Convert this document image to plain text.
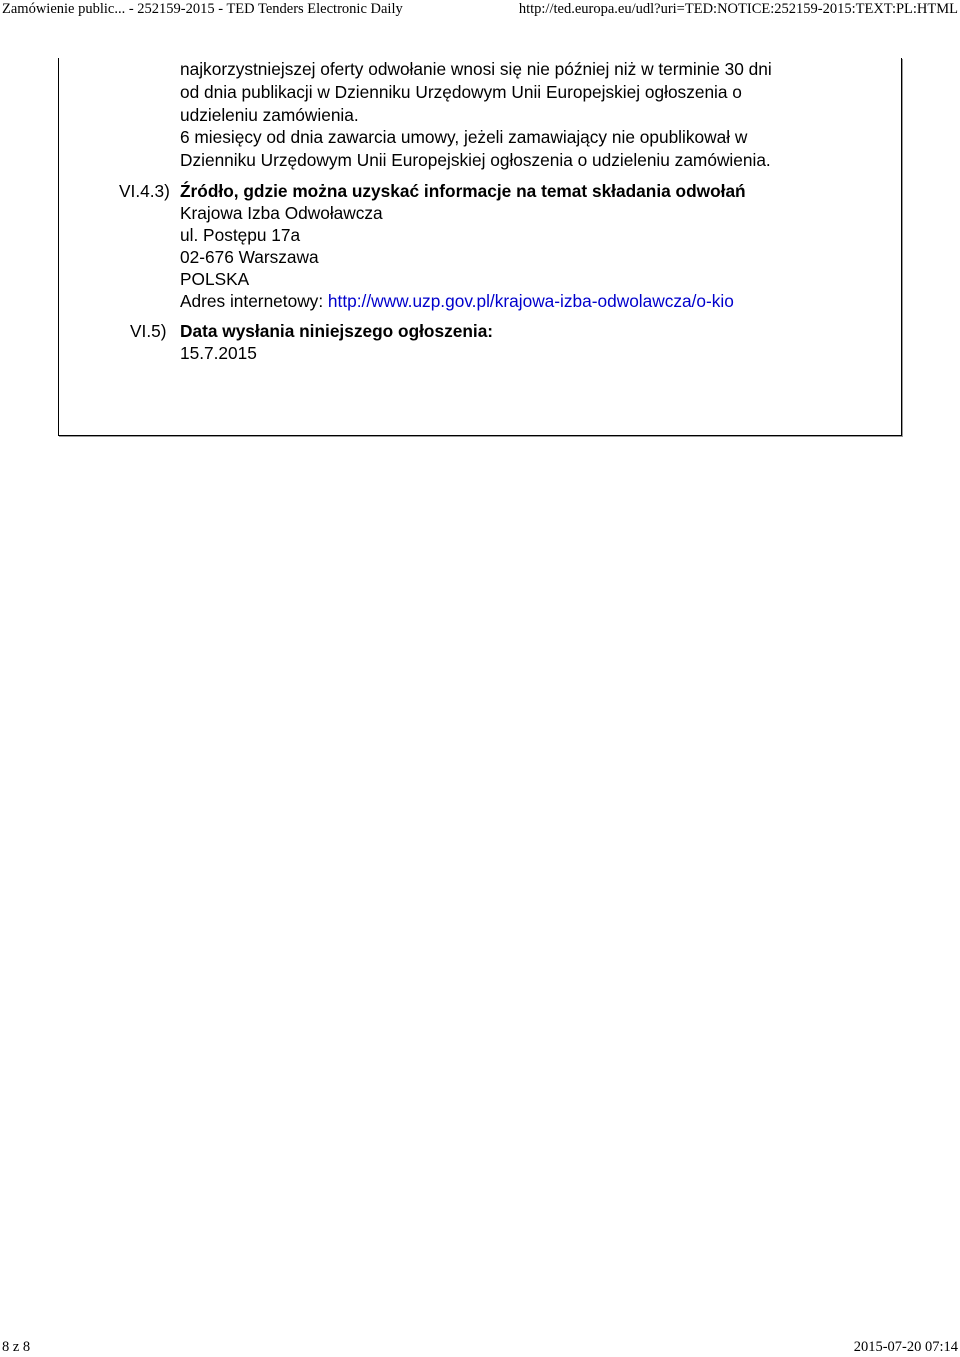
Zamówienie public... - 252159-2015 - TED Tenders Electronic Daily	http://ted.europa.eu/udl?uri=TED:NOTICE:252159-2015:TEXT:PL:HTML
najkorzystniejszej oferty odwołanie wnosi się nie później niż w terminie 30 dni
od dnia publikacji w Dzienniku Urzędowym Unii Europejskiej ogłoszenia o
udzieleniu zamówienia.
6 miesięcy od dnia zawarcia umowy, jeżeli zamawiający nie opublikował w
Dzienniku Urzędowym Unii Europejskiej ogłoszenia o udzieleniu zamówienia.
VI.4.3) Źródło, gdzie można uzyskać informacje na temat składania odwołań
Krajowa Izba Odwoławcza
ul. Postępu 17a
02-676 Warszawa
POLSKA
Adres internetowy: http://www.uzp.gov.pl/krajowa-izba-odwolawcza/o-kio
VI.5) Data wysłania niniejszego ogłoszenia:
15.7.2015
8 z 8	2015-07-20 07:14
